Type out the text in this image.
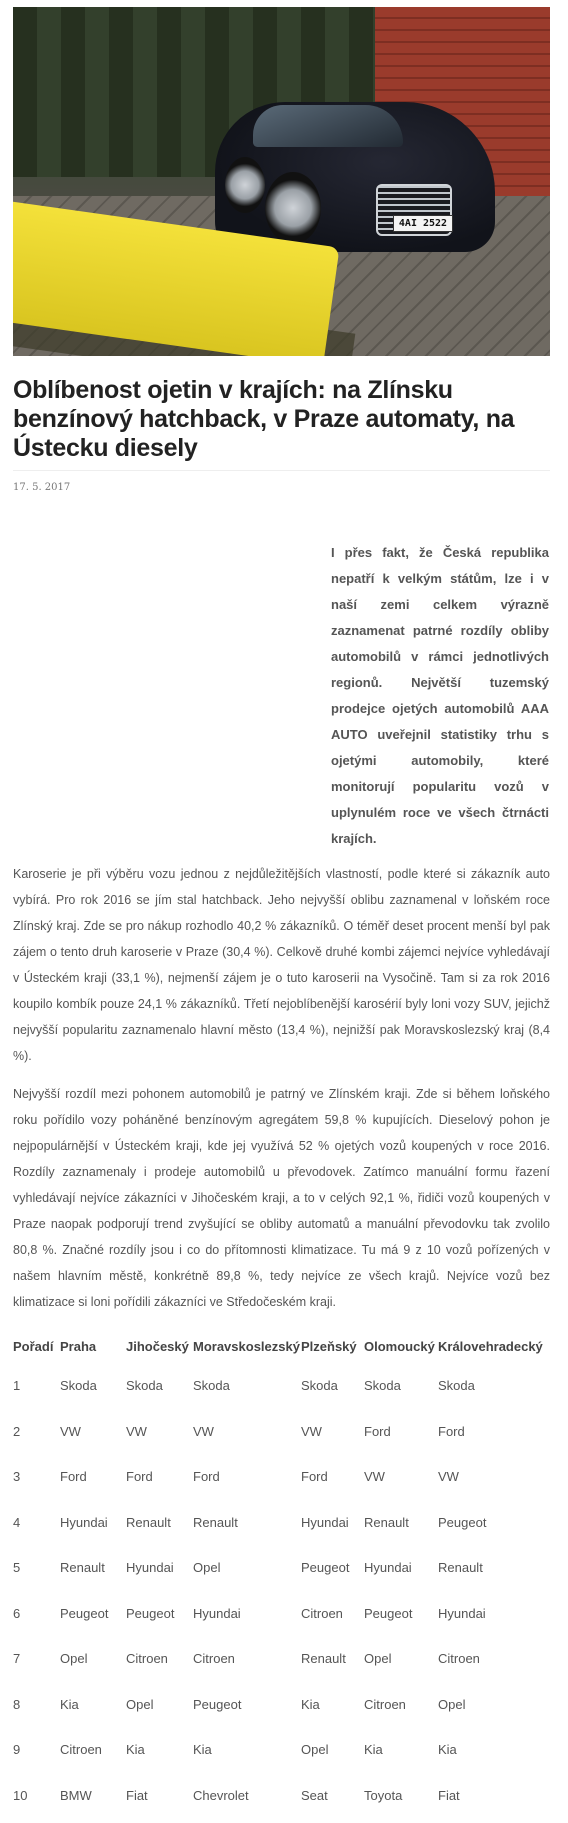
4AI 2522
Oblíbenost ojetin v krajích: na Zlínsku benzínový hatchback, v Praze automaty, na Ústecku diesely
17. 5. 2017

I přes fakt, že Česká republika nepatří k velkým státům, lze i v naší zemi celkem výrazně zaznamenat patrné rozdíly obliby automobilů v rámci jednotlivých regionů. Největší tuzemský prodejce ojetých automobilů AAA AUTO uveřejnil statistiky trhu s ojetými automobily, které monitorují popularitu vozů v uplynulém roce ve všech čtrnácti krajích.

Karoserie je při výběru vozu jednou z nejdůležitějších vlastností, podle které si zákazník auto vybírá. Pro rok 2016 se jím stal hatchback. Jeho nejvyšší oblibu zaznamenal v loňském roce Zlínský kraj. Zde se pro nákup rozhodlo 40,2 % zákazníků. O téměř deset procent menší byl pak zájem o tento druh karoserie v Praze (30,4 %). Celkově druhé kombi zájemci nejvíce vyhledávají v Ústeckém kraji (33,1 %), nejmenší zájem je o tuto karoserii na Vysočině. Tam si za rok 2016 koupilo kombík pouze 24,1 % zákazníků. Třetí nejoblíbenější karosérií byly loni vozy SUV, jejichž nejvyšší popularitu zaznamenalo hlavní město (13,4 %), nejnižší pak Moravskoslezský kraj (8,4 %).

Nejvyšší rozdíl mezi pohonem automobilů je patrný ve Zlínském kraji. Zde si během loňského roku pořídilo vozy poháněné benzínovým agregátem 59,8 % kupujících. Dieselový pohon je nejpopulárnější v Ústeckém kraji, kde jej využívá 52 % ojetých vozů koupených v roce 2016. Rozdíly zaznamenaly i prodeje automobilů u převodovek. Zatímco manuální formu řazení vyhledávají nejvíce zákazníci v Jihočeském kraji, a to v celých 92,1 %, řidiči vozů koupených v Praze naopak podporují trend zvyšující se obliby automatů a manuální převodovku tak zvolilo 80,8 %. Značné rozdíly jsou i co do přítomnosti klimatizace. Tu má 9 z 10 vozů pořízených v našem hlavním městě, konkrétně 89,8 %, tedy nejvíce ze všech krajů. Nejvíce vozů bez klimatizace si loni pořídili zákazníci ve Středočeském kraji.

Pořadí	Praha	Jihočeský	Moravskoslezský	Plzeňský	Olomoucký	Královehradecký
1	Skoda	Skoda	Skoda	Skoda	Skoda	Skoda
2	VW	VW	VW	VW	Ford	Ford
3	Ford	Ford	Ford	Ford	VW	VW
4	Hyundai	Renault	Renault	Hyundai	Renault	Peugeot
5	Renault	Hyundai	Opel	Peugeot	Hyundai	Renault
6	Peugeot	Peugeot	Hyundai	Citroen	Peugeot	Hyundai
7	Opel	Citroen	Citroen	Renault	Opel	Citroen
8	Kia	Opel	Peugeot	Kia	Citroen	Opel
9	Citroen	Kia	Kia	Opel	Kia	Kia
10	BMW	Fiat	Chevrolet	Seat	Toyota	Fiat
